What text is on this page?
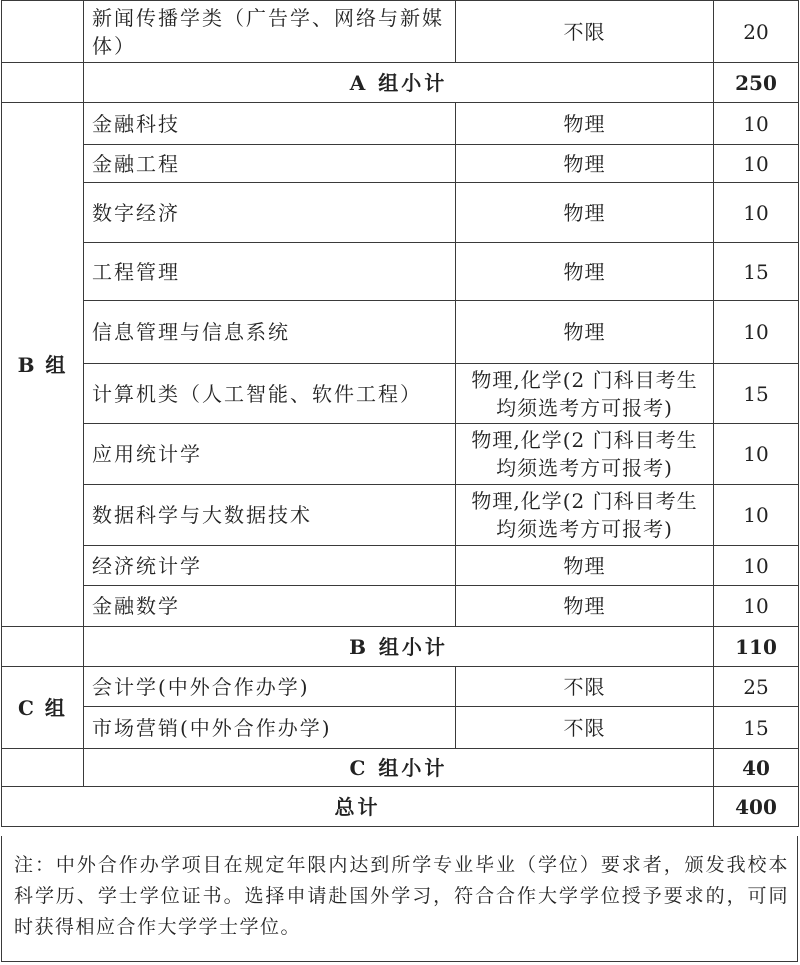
	新闻传播学类（广告学、网络与新媒体）	不限	20
	A 组小计		250
B 组	金融科技	物理	10
	金融工程	物理	10
	数字经济	物理	10
	工程管理	物理	15
	信息管理与信息系统	物理	10
	计算机类（人工智能、软件工程）	物理,化学(2 门科目考生均须选考方可报考)	15
	应用统计学	物理,化学(2 门科目考生均须选考方可报考)	10
	数据科学与大数据技术	物理,化学(2 门科目考生均须选考方可报考)	10
	经济统计学	物理	10
	金融数学	物理	10
	B 组小计		110
C 组	会计学(中外合作办学)	不限	25
	市场营销(中外合作办学)	不限	15
	C 组小计		40
总计			400
注：中外合作办学项目在规定年限内达到所学专业毕业（学位）要求者，颁发我校本科学历、学士学位证书。选择申请赴国外学习，符合合作大学学位授予要求的，可同时获得相应合作大学学士学位。
